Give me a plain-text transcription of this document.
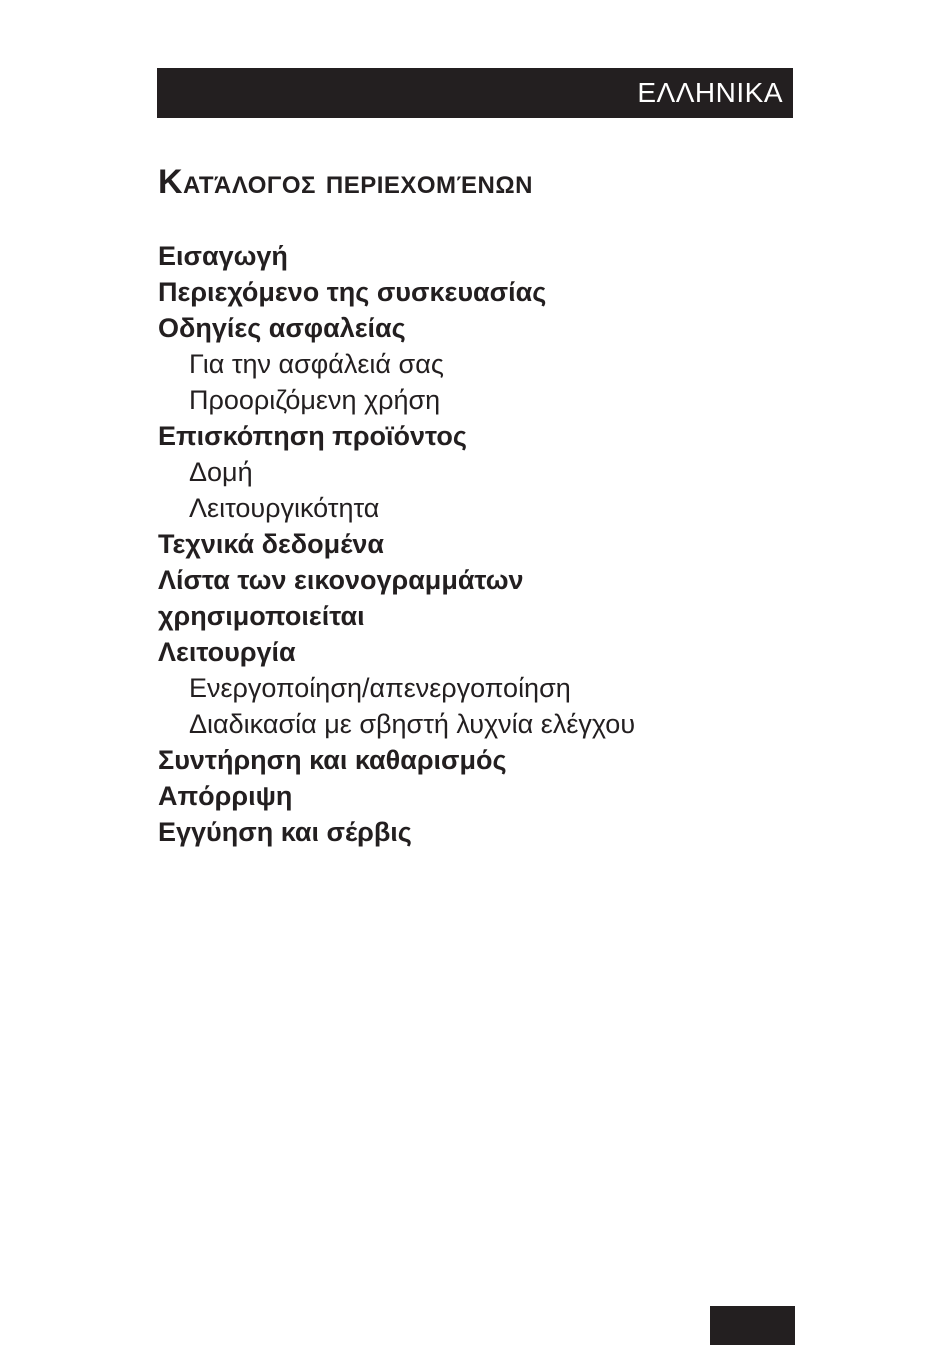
ΕΛΛΗΝΙΚΑ
Κατάλογος περιεχομένων
Εισαγωγή
Περιεχόμενο της συσκευασίας
Οδηγίες ασφαλείας
Για την ασφάλειά σας
Προοριζόμενη χρήση
Επισκόπηση προϊόντος
Δομή
Λειτουργικότητα
Τεχνικά δεδομένα
Λίστα των εικονογραμμάτων
χρησιμοποιείται
Λειτουργία
Ενεργοποίηση/απενεργοποίηση
Διαδικασία με σβηστή λυχνία ελέγχου
Συντήρηση και καθαρισμός
Απόρριψη
Εγγύηση και σέρβις
